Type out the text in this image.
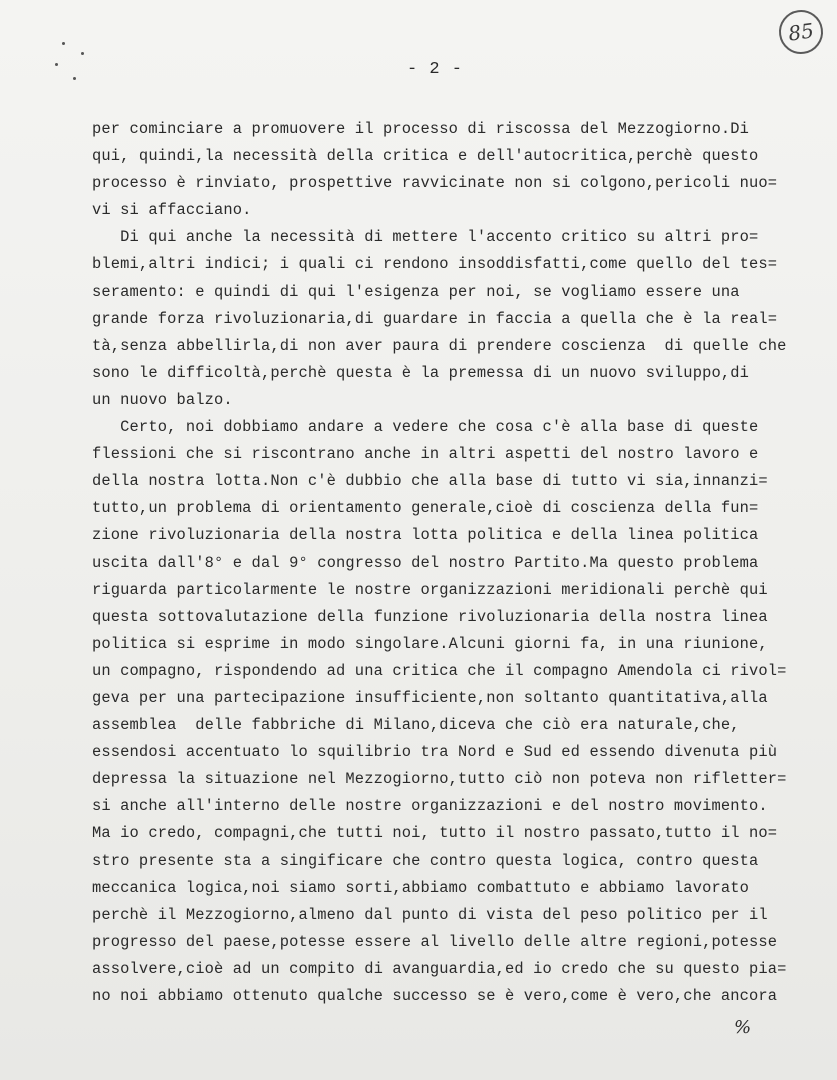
85
- 2 -
per cominciare a promuovere il processo di riscossa del Mezzogiorno.Di
qui, quindi,la necessità della critica e dell'autocritica,perchè questo
processo è rinviato, prospettive ravvicinate non si colgono,pericoli nuo=
vi si affacciano.
Di qui anche la necessità di mettere l'accento critico su altri pro=
blemi,altri indici; i quali ci rendono insoddisfatti,come quello del tes=
seramento: e quindi di qui l'esigenza per noi, se vogliamo essere una
grande forza rivoluzionaria,di guardare in faccia a quella che è la real=
tà,senza abbellirla,di non aver paura di prendere coscienza  di quelle che
sono le difficoltà,perchè questa è la premessa di un nuovo sviluppo,di
un nuovo balzo.
Certo, noi dobbiamo andare a vedere che cosa c'è alla base di queste
flessioni che si riscontrano anche in altri aspetti del nostro lavoro e
della nostra lotta.Non c'è dubbio che alla base di tutto vi sia,innanzi=
tutto,un problema di orientamento generale,cioè di coscienza della fun=
zione rivoluzionaria della nostra lotta politica e della linea politica
uscita dall'8° e dal 9° congresso del nostro Partito.Ma questo problema
riguarda particolarmente le nostre organizzazioni meridionali perchè qui
questa sottovalutazione della funzione rivoluzionaria della nostra linea
politica si esprime in modo singolare.Alcuni giorni fa, in una riunione,
un compagno, rispondendo ad una critica che il compagno Amendola ci rivol=
geva per una partecipazione insufficiente,non soltanto quantitativa,alla
assemblea  delle fabbriche di Milano,diceva che ciò era naturale,che,
essendosi accentuato lo squilibrio tra Nord e Sud ed essendo divenuta più
depressa la situazione nel Mezzogiorno,tutto ciò non poteva non rifletter=
si anche all'interno delle nostre organizzazioni e del nostro movimento.
Ma io credo, compagni,che tutti noi, tutto il nostro passato,tutto il no=
stro presente sta a singificare che contro questa logica, contro questa
meccanica logica,noi siamo sorti,abbiamo combattuto e abbiamo lavorato
perchè il Mezzogiorno,almeno dal punto di vista del peso politico per il
progresso del paese,potesse essere al livello delle altre regioni,potesse
assolvere,cioè ad un compito di avanguardia,ed io credo che su questo pia=
no noi abbiamo ottenuto qualche successo se è vero,come è vero,che ancora
%
